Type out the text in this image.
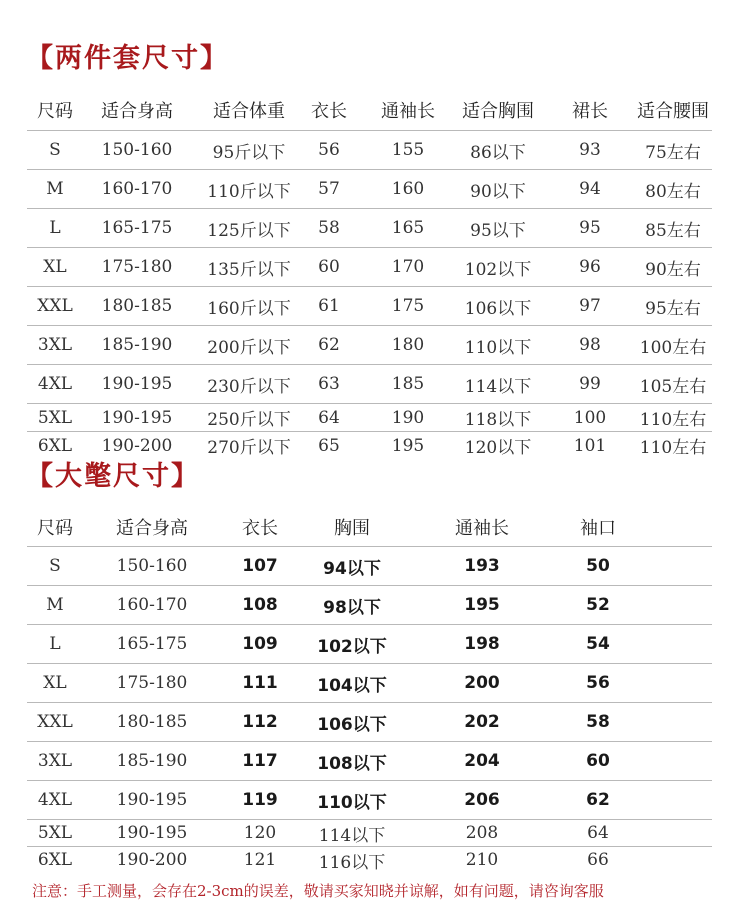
【两件套尺寸】
尺码 适合身高 适合体重 衣长 通袖长 适合胸围 裙长 适合腰围
S 150-160 95斤以下 56	155	86以下	93	75左右
M 160-170 110斤以下 57	160	90以下	94	80左右
L 165-175 125斤以下 58	165	95以下	95	85左右
XL 175-180 135斤以下 60	170 102以下	96	90左右
XXL 180-185 160斤以下 61	175 106以下	97	95左右
3XL 185-190 200斤以下 62	180 110以下	98 100左右
4XL 190-195 230斤以下 63	185 114以下	99 105左右
5XL 190-195 250斤以下 64	190 118以下	100 110左右
6XL 190-200 270斤以下 65	195 120以下	101 110左右
【大氅尺寸】
尺码 适合身高	衣长	胸围	通袖长	袖口
S	150-160	107	94以下	193	50
M	160-170	108	98以下	195	52
L	165-175	109 102以下	198	54
XL	175-180	111 104以下	200	56
XXL	180-185	112 106以下	202	58
3XL	185-190	117 108以下	204	60
4XL	190-195	119 110以下	206	62
5XL	190-195	120	114以下	208	64
6XL	190-200	121	116以下	210	66
注意：手工测量，会存在2-3cm的误差，敬请买家知晓并谅解，如有问题，请咨询客服
